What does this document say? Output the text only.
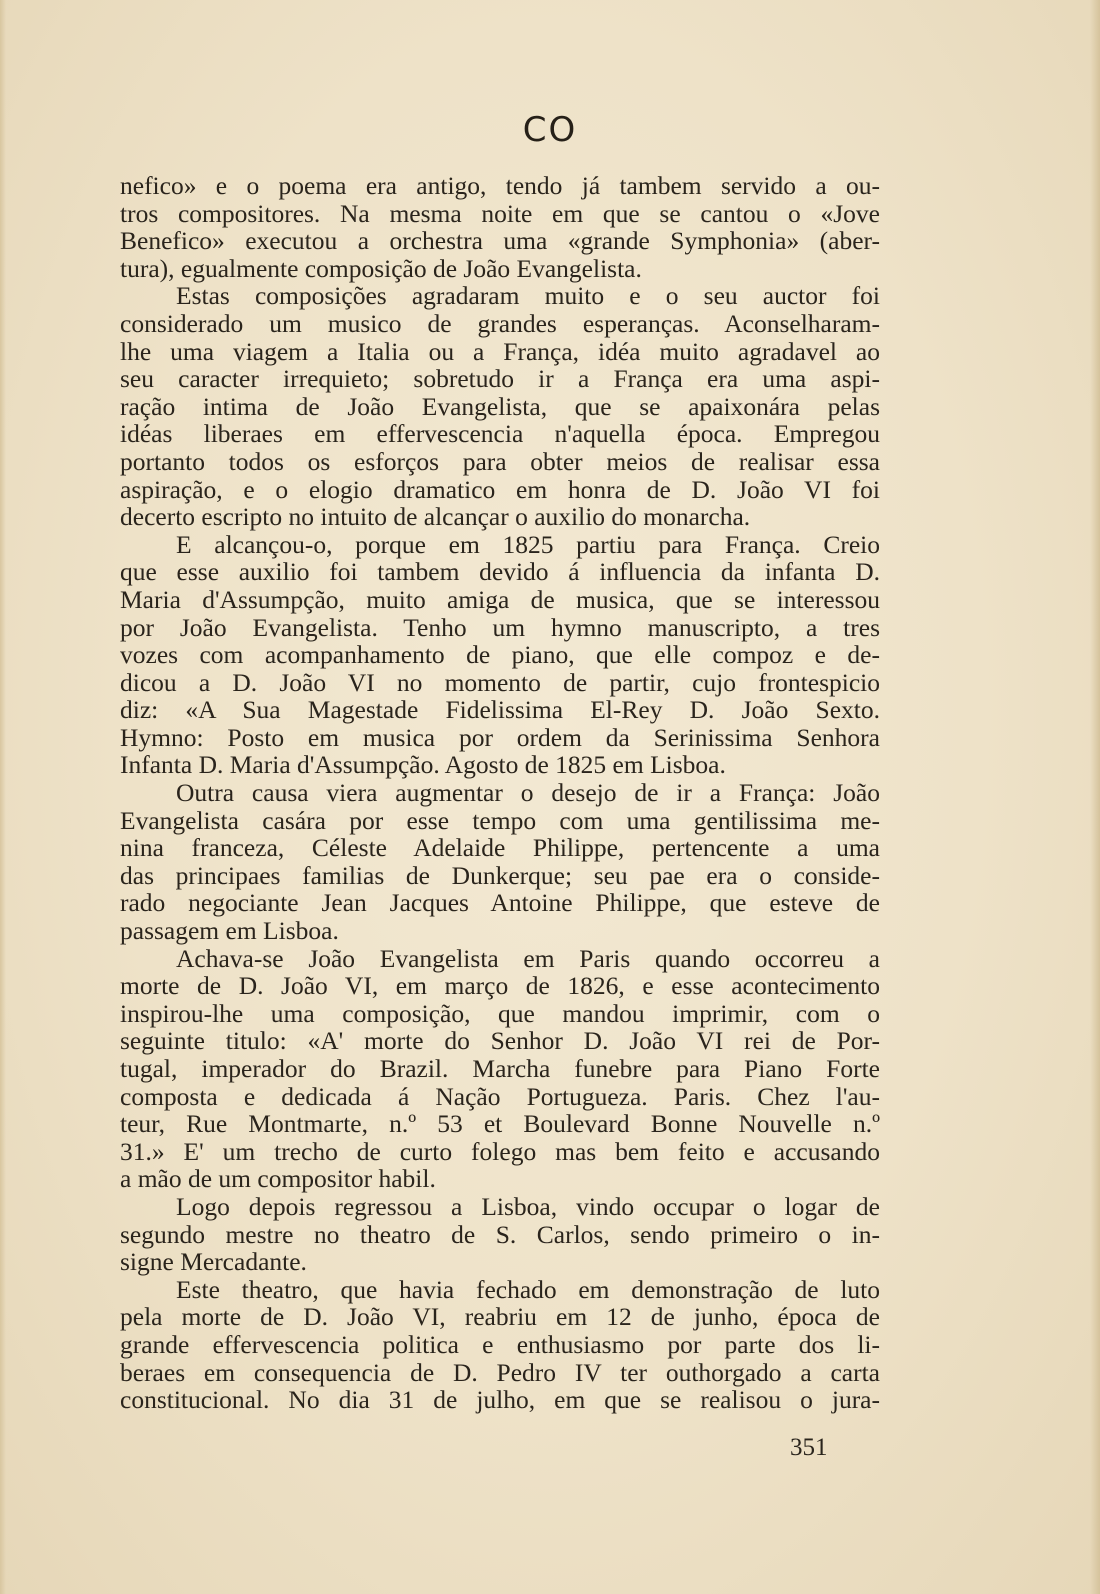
CO

nefico» e o poema era antigo, tendo já tambem servido a ou-
tros compositores. Na mesma noite em que se cantou o «Jove
Benefico» executou a orchestra uma «grande Symphonia» (aber-
tura), egualmente composição de João Evangelista.

Estas composições agradaram muito e o seu auctor foi
considerado um musico de grandes esperanças. Aconselharam-
lhe uma viagem a Italia ou a França, idéa muito agradavel ao
seu caracter irrequieto; sobretudo ir a França era uma aspi-
ração intima de João Evangelista, que se apaixonára pelas
idéas liberaes em effervescencia n'aquella época. Empregou
portanto todos os esforços para obter meios de realisar essa
aspiração, e o elogio dramatico em honra de D. João VI foi
decerto escripto no intuito de alcançar o auxilio do monarcha.

E alcançou-o, porque em 1825 partiu para França. Creio
que esse auxilio foi tambem devido á influencia da infanta D.
Maria d'Assumpção, muito amiga de musica, que se interessou
por João Evangelista. Tenho um hymno manuscripto, a tres
vozes com acompanhamento de piano, que elle compoz e de-
dicou a D. João VI no momento de partir, cujo frontespicio
diz: «A Sua Magestade Fidelissima El-Rey D. João Sexto.
Hymno: Posto em musica por ordem da Serinissima Senhora
Infanta D. Maria d'Assumpção. Agosto de 1825 em Lisboa.

Outra causa viera augmentar o desejo de ir a França: João
Evangelista casára por esse tempo com uma gentilissima me-
nina franceza, Céleste Adelaide Philippe, pertencente a uma
das principaes familias de Dunkerque; seu pae era o conside-
rado negociante Jean Jacques Antoine Philippe, que esteve de
passagem em Lisboa.

Achava-se João Evangelista em Paris quando occorreu a
morte de D. João VI, em março de 1826, e esse acontecimento
inspirou-lhe uma composição, que mandou imprimir, com o
seguinte titulo: «A' morte do Senhor D. João VI rei de Por-
tugal, imperador do Brazil. Marcha funebre para Piano Forte
composta e dedicada á Nação Portugueza. Paris. Chez l'au-
teur, Rue Montmarte, n.º 53 et Boulevard Bonne Nouvelle n.º
31.» E' um trecho de curto folego mas bem feito e accusando
a mão de um compositor habil.

Logo depois regressou a Lisboa, vindo occupar o logar de
segundo mestre no theatro de S. Carlos, sendo primeiro o in-
signe Mercadante.

Este theatro, que havia fechado em demonstração de luto
pela morte de D. João VI, reabriu em 12 de junho, época de
grande effervescencia politica e enthusiasmo por parte dos li-
beraes em consequencia de D. Pedro IV ter outhorgado a carta
constitucional. No dia 31 de julho, em que se realisou o jura-

351
